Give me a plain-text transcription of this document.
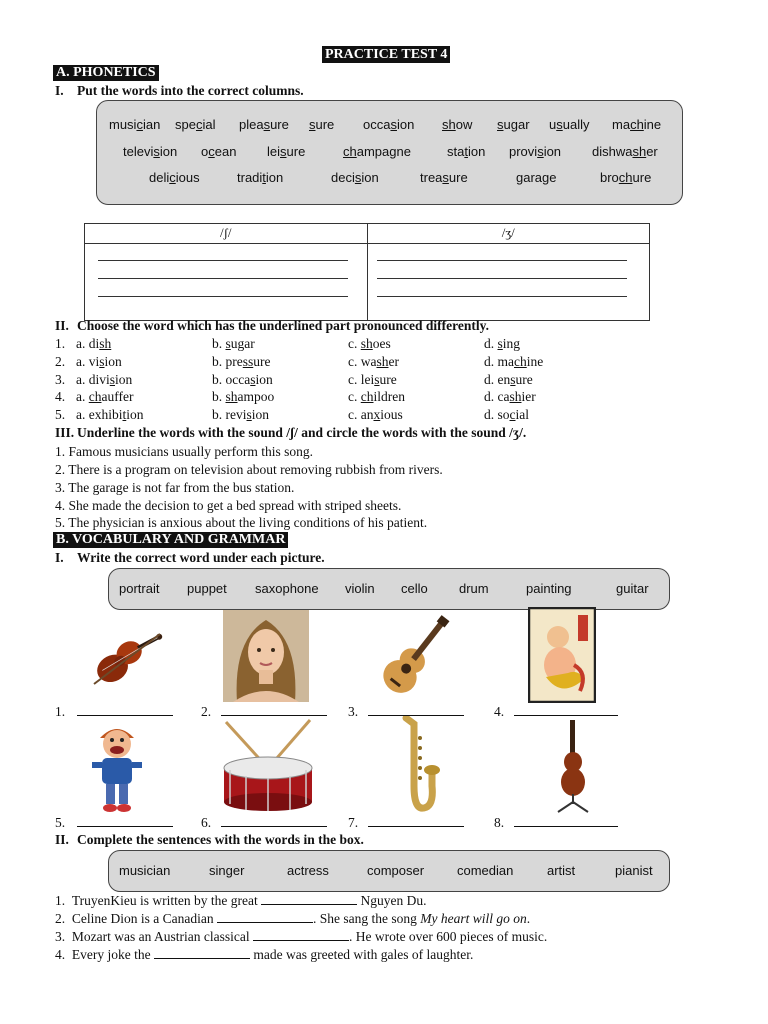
PRACTICE TEST 4
A. PHONETICS
I. Put the words into the correct columns.
musician special pleasure sure occasion show sugar usually machine
television ocean leisure	champagne	station provision dishwasher
delicious	tradition	decision	treasure	garage	brochure
/ʃ/	/ʒ/

II. Choose the word which has the underlined part pronounced differently.
1. a. dish	b. sugar	c. shoes	d. sing
2. a. vision	b. pressure	c. washer	d. machine
3. a. division	b. occasion	c. leisure	d. ensure
4. a. chauffer	b. shampoo	c. children	d. cashier
5. a. exhibition	b. revision	c. anxious	d. social
III. Underline the words with the sound /ʃ/ and circle the words with the sound /ʒ/.
1. Famous musicians usually perform this song.
2. There is a program on television about removing rubbish from rivers.
3. The garage is not far from the bus station.
4. She made the decision to get a bed spread with striped sheets.
5. The physician is anxious about the living conditions of his patient.
B. VOCABULARY AND GRAMMAR
I. Write the correct word under each picture.
portrait puppet saxophone violin cello drum	painting	guitar
1.	2.	3.	4.
5.	6.	7.	8.
II. Complete the sentences with the words in the box.
musician	singer	actress	composer	comedian	artist	pianist
1. TruyenKieu is written by the great	Nguyen Du.
2. Celine Dion is a Canadian	. She sang the song My heart will go on.
3. Mozart was an Austrian classical	. He wrote over 600 pieces of music.
4. Every joke the	made was greeted with gales of laughter.
